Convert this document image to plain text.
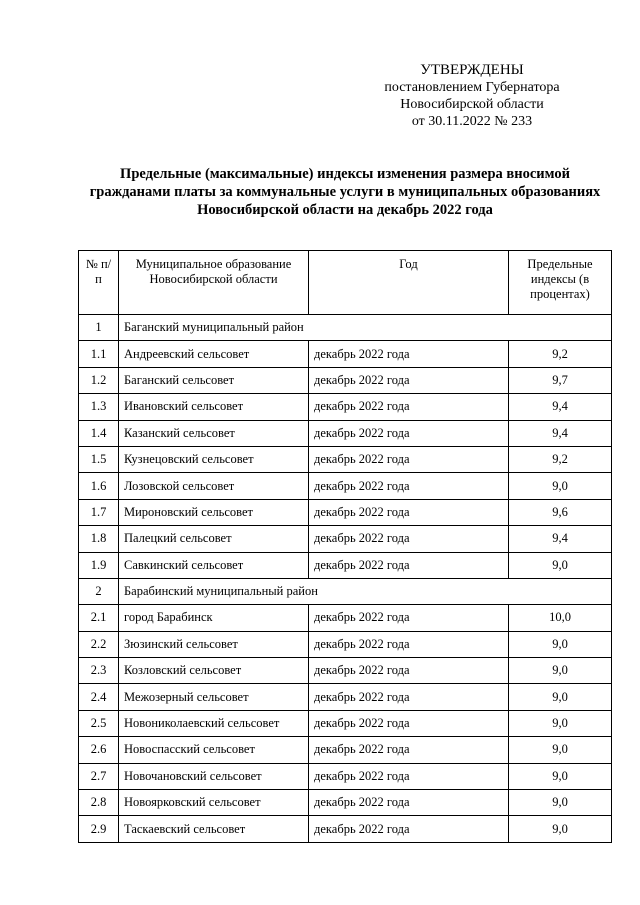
УТВЕРЖДЕНЫ
постановлением Губернатора
Новосибирской области
от 30.11.2022 № 233
Предельные (максимальные) индексы изменения размера вносимой
гражданами платы за коммунальные услуги в муниципальных образованиях
Новосибирской области на декабрь 2022 года
№ п/п	Муниципальное образование Новосибирской области	Год	Предельные индексы (в процентах)
1	Баганский муниципальный район		
1.1	Андреевский сельсовет	декабрь 2022 года	9,2
1.2	Баганский сельсовет	декабрь 2022 года	9,7
1.3	Ивановский сельсовет	декабрь 2022 года	9,4
1.4	Казанский сельсовет	декабрь 2022 года	9,4
1.5	Кузнецовский сельсовет	декабрь 2022 года	9,2
1.6	Лозовской сельсовет	декабрь 2022 года	9,0
1.7	Мироновский сельсовет	декабрь 2022 года	9,6
1.8	Палецкий сельсовет	декабрь 2022 года	9,4
1.9	Савкинский сельсовет	декабрь 2022 года	9,0
2	Барабинский муниципальный район		
2.1	город Барабинск	декабрь 2022 года	10,0
2.2	Зюзинский сельсовет	декабрь 2022 года	9,0
2.3	Козловский сельсовет	декабрь 2022 года	9,0
2.4	Межозерный сельсовет	декабрь 2022 года	9,0
2.5	Новониколаевский сельсовет	декабрь 2022 года	9,0
2.6	Новоспасский сельсовет	декабрь 2022 года	9,0
2.7	Новочановский сельсовет	декабрь 2022 года	9,0
2.8	Новоярковский сельсовет	декабрь 2022 года	9,0
2.9	Таскаевский сельсовет	декабрь 2022 года	9,0
